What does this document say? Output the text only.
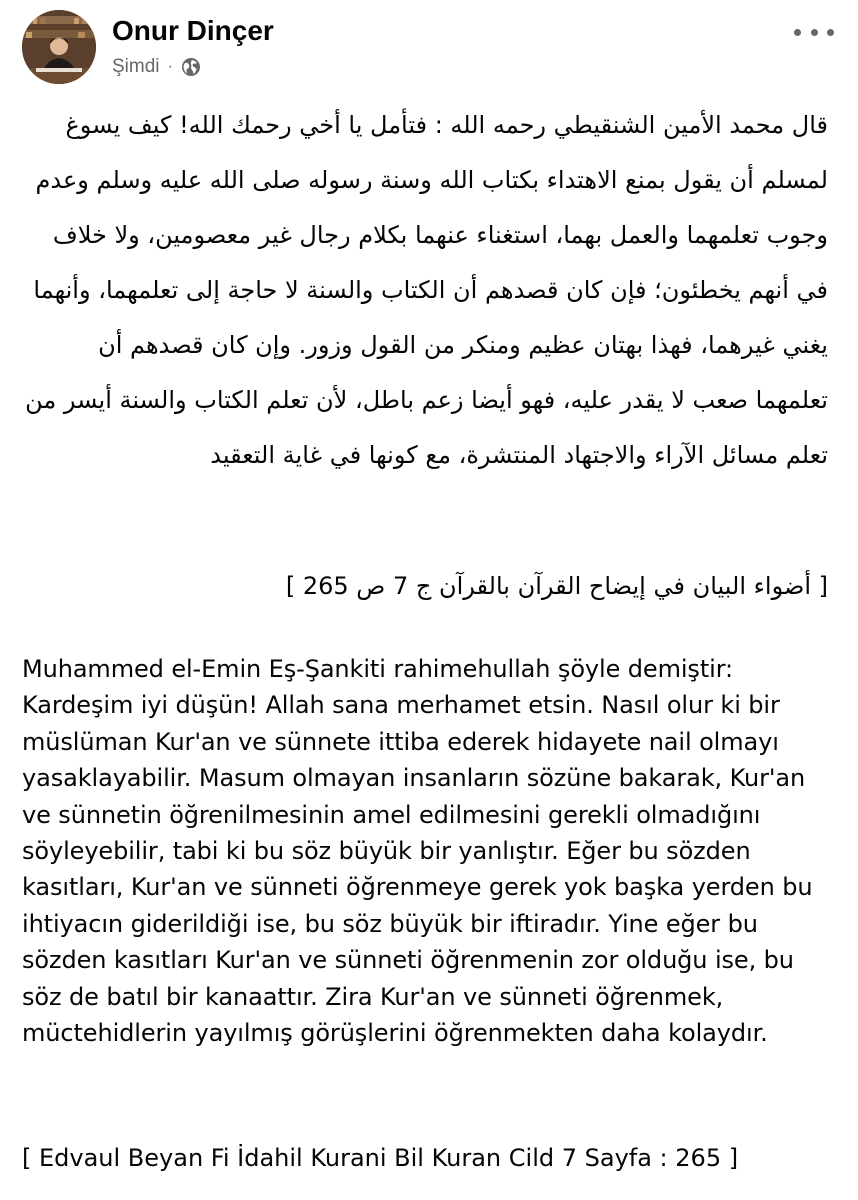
Onur Dinçer
Şimdi ·
قال محمد الأمين الشنقيطي رحمه الله : فتأمل يا أخي رحمك الله! كيف يسوغ لمسلم أن يقول بمنع الاهتداء بكتاب الله وسنة رسوله صلى الله عليه وسلم وعدم وجوب تعلمهما والعمل بهما، استغناء عنهما بكلام رجال غير معصومين، ولا خلاف في أنهم يخطئون؛ فإن كان قصدهم أن الكتاب والسنة لا حاجة إلى تعلمهما، وأنهما يغني غيرهما، فهذا بهتان عظيم ومنكر من القول وزور. وإن كان قصدهم أن تعلمهما صعب لا يقدر عليه، فهو أيضا زعم باطل، لأن تعلم الكتاب والسنة أيسر من تعلم مسائل الآراء والاجتهاد المنتشرة، مع كونها في غاية التعقيد
[ أضواء البيان في إيضاح القرآن بالقرآن ج 7 ص 265 ]
Muhammed el-Emin Eş-Şankiti rahimehullah şöyle demiştir: Kardeşim iyi düşün! Allah sana merhamet etsin. Nasıl olur ki bir müslüman Kur'an ve sünnete ittiba ederek hidayete nail olmayı yasaklayabilir. Masum olmayan insanların sözüne bakarak, Kur'an ve sünnetin öğrenilmesinin amel edilmesini gerekli olmadığını söyleyebilir, tabi ki bu söz büyük bir yanlıştır. Eğer bu sözden kasıtları, Kur'an ve sünneti öğrenmeye gerek yok başka yerden bu ihtiyacın giderildiği ise, bu söz büyük bir iftiradır. Yine eğer bu sözden kasıtları Kur'an ve sünneti öğrenmenin zor olduğu ise, bu söz de batıl bir kanaattır. Zira Kur'an ve sünneti öğrenmek, müctehidlerin yayılmış görüşlerini öğrenmekten daha kolaydır.
[ Edvaul Beyan Fi İdahil Kurani Bil Kuran Cild 7 Sayfa : 265 ]
